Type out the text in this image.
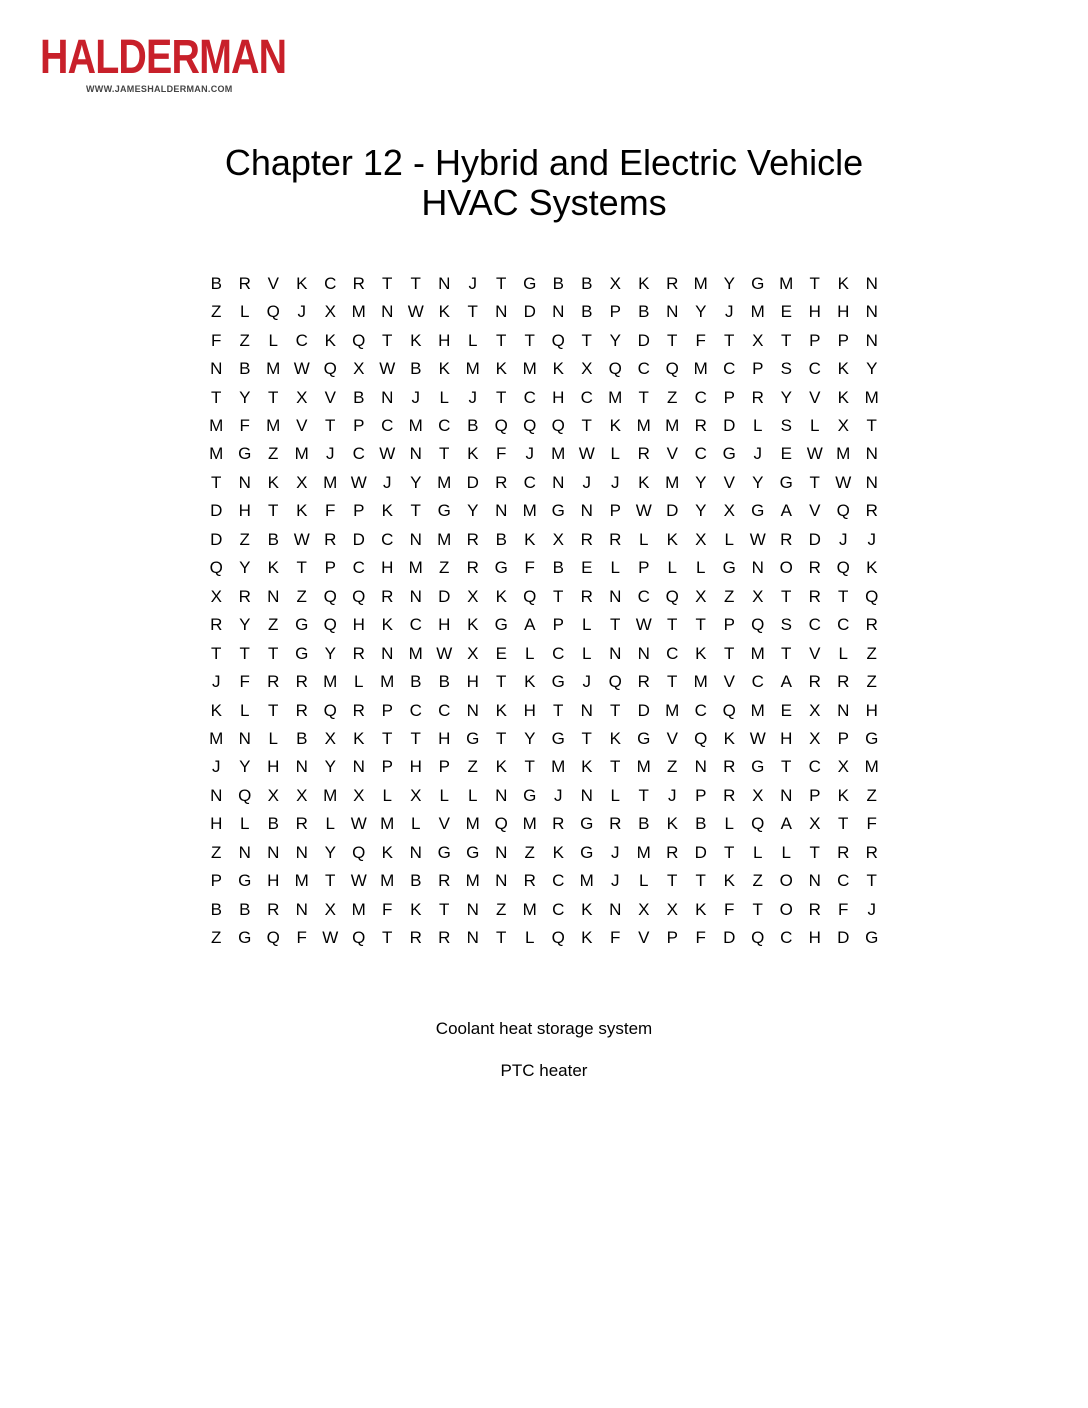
HALDERMAN
WWW.JAMESHALDERMAN.COM
Chapter 12 - Hybrid and Electric Vehicle
HVAC Systems
B R V	K C R	T	T	N	J	T G B	B	X	K R M Y G M T	K N
Z	L	Q	J	X M N W K	T	N D N B	P	B N Y	J	M E H H N
F	Z	L	C K Q T	K H	L	T	T Q T	Y D	T	F	T	X	T	P	P N
N B M W Q X W B	K M K M K	X Q C Q M C P	S C K	Y
T	Y	T	X	V	B N	J	L	J	T	C H C M T	Z	C P R Y	V	K M
M F M V	T	P C M C B Q Q Q T	K M M R D	L	S	L	X	T
M G Z M	J	C W N	T	K	F	J	M W L	R V C G	J	E W M N
T	N K	X M W J	Y M D R C N	J	J	K M Y	V	Y G T W N
D H	T	K	F	P	K	T G Y N M G N P W D Y	X G A	V Q R
D	Z	B W R D C N M R B	K	X R R	L	K	X	L W R D	J	J
Q Y	K	T	P C H M Z	R G F	B	E	L	P	L	L	G N O R Q K
X R N	Z Q Q R N D X	K Q T	R N C Q X	Z	X	T	R	T Q
R Y	Z G Q H K C H K G A	P	L	T W T	T	P Q S C C R
T	T	T G Y R N M W X	E	L	C	L	N N C K	T M T	V	L	Z
J	F	R R M L M B	B H	T	K G	J	Q R	T M V C A R R	Z
K	L	T	R Q R P C C N K H	T	N	T	D M C Q M E	X N H
M N	L	B	X	K	T	T	H G T	Y G T	K G V Q K W H X	P G
J	Y H N Y N P H P	Z	K	T M K	T M Z	N R G T	C X M
N Q X	X M X	L	X	L	L	N G	J	N	L	T	J	P R X N P	K	Z
H	L	B R	L W M L	V M Q M R G R B	K	B	L	Q A	X	T	F
Z	N N N Y Q K N G G N	Z	K G	J	M R D	T	L	L	T	R R
P G H M T W M B R M N R C M	J	L	T	T	K	Z O N C	T
B	B R N X M F	K	T	N	Z M C K N X	X	K	F	T O R	F	J
Z G Q F W Q T	R R N	T	L	Q K	F	V	P	F	D Q C H D G
Coolant heat storage system
PTC heater
